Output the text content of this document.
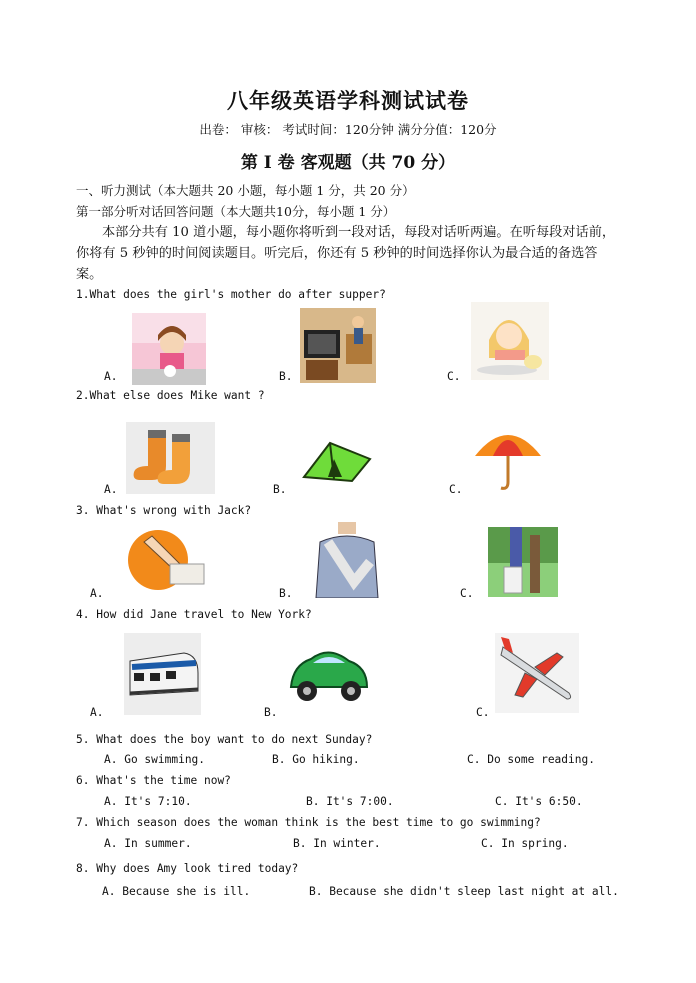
八年级英语学科测试试卷
出卷： 审核： 考试时间：120分钟 满分分值：120分
第 I 卷 客观题（共 70 分）
一、听力测试（本大题共 20 小题，每小题 1 分，共 20 分）
第一部分听对话回答问题（本大题共10分，每小题 1 分）
本部分共有 10 道小题，每小题你将听到一段对话，每段对话听两遍。在听每段对话前，你将有 5 秒钟的时间阅读题目。听完后，你还有 5 秒钟的时间选择你认为最合适的备选答案。
1.What does the girl's mother do after supper?
A.	B.	C.
2.What else does Mike want ?
A.	B.	C.
3. What's wrong with Jack?
A.	B.	C.
4. How did Jane travel to New York?
A.	B.	C.
5. What does the boy want to do next Sunday?
A. Go swimming.	B. Go hiking.	C. Do some reading.
6. What's the time now?
A. It's 7:10.	B. It's 7:00.	C. It's 6:50.
7. Which season does the woman think is the best time to go swimming?
A. In summer.	B. In winter.	C. In spring.
8. Why does Amy look tired today?
A. Because she is ill.	B. Because she didn't sleep last night at all.
